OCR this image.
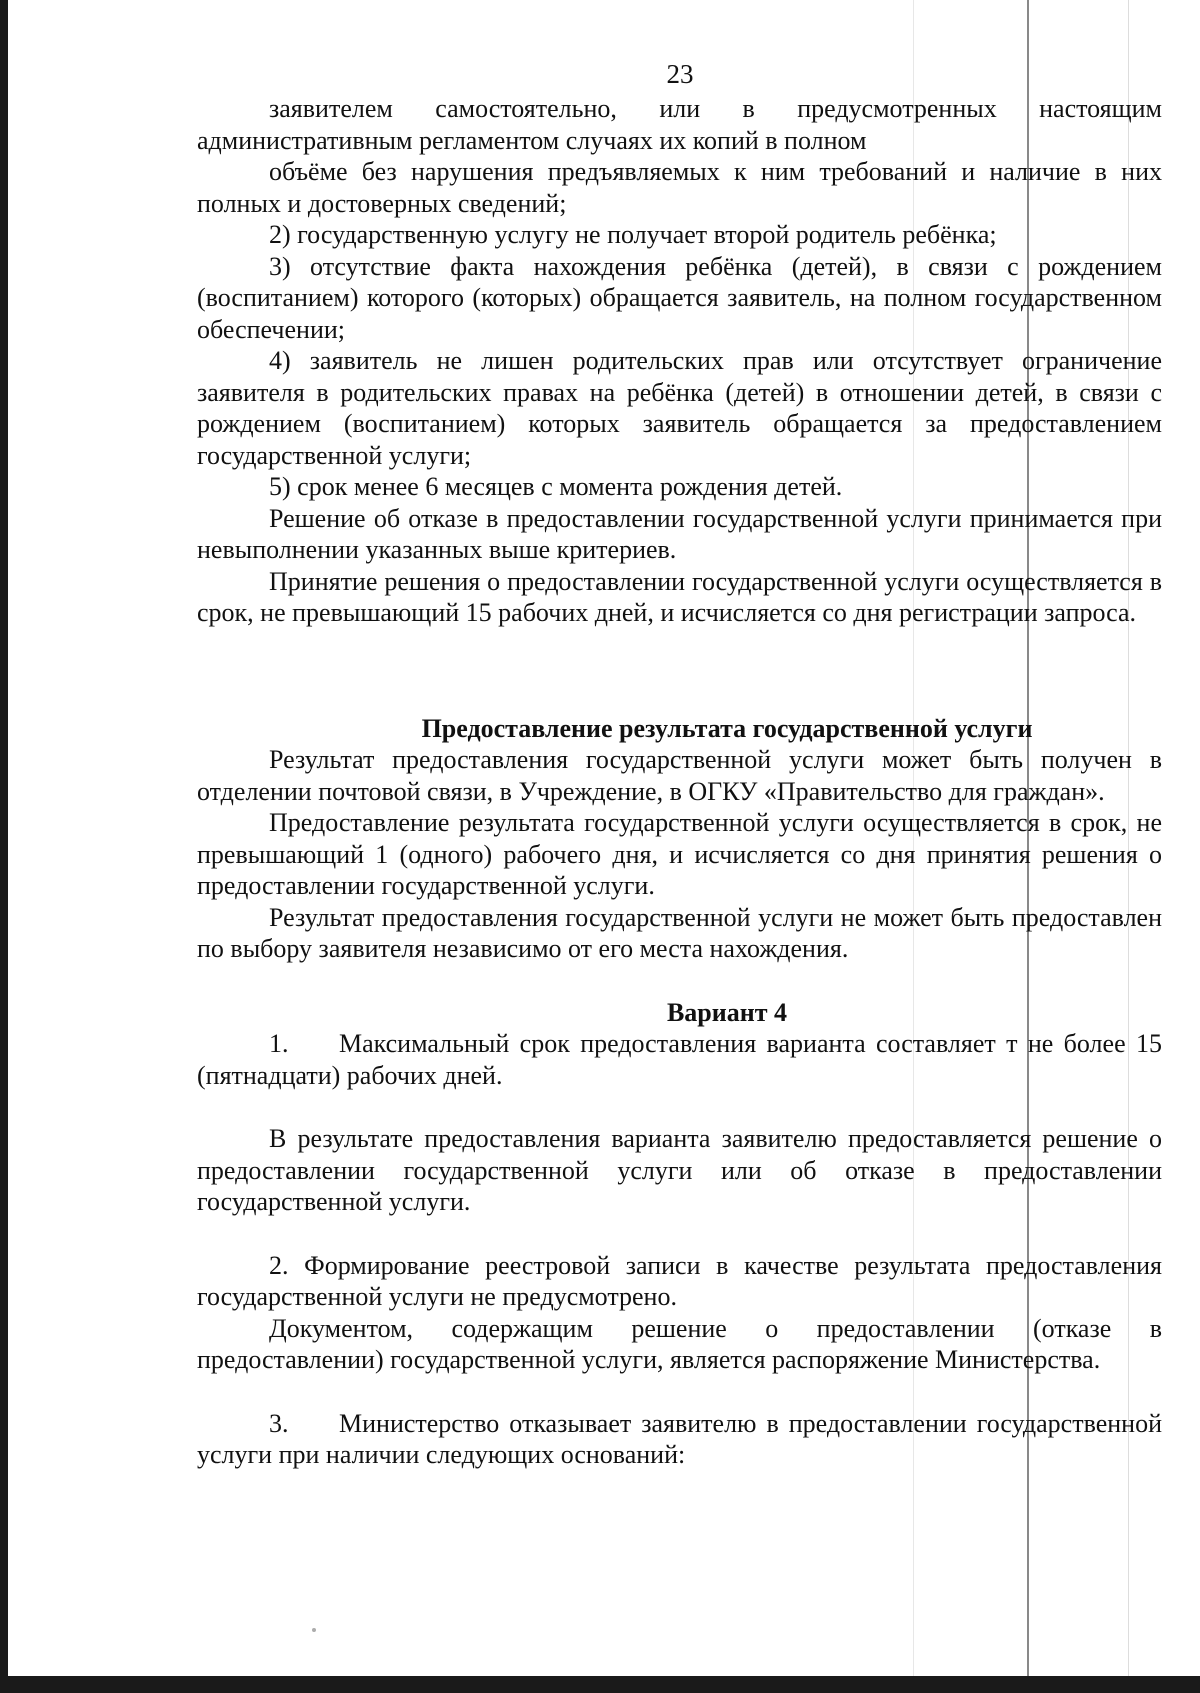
23

заявителем самостоятельно, или в предусмотренных настоящим административным регламентом случаях их копий в полном

объёме без нарушения предъявляемых к ним требований и наличие в них полных и достоверных сведений;

2) государственную услугу не получает второй родитель ребёнка;

3) отсутствие факта нахождения ребёнка (детей), в связи с рождением (воспитанием) которого (которых) обращается заявитель, на полном государственном обеспечении;

4) заявитель не лишен родительских прав или отсутствует ограничение заявителя в родительских правах на ребёнка (детей) в отношении детей, в связи с рождением (воспитанием) которых заявитель обращается за предоставлением государственной услуги;

5) срок менее 6 месяцев с момента рождения детей.

Решение об отказе в предоставлении государственной услуги принимается при невыполнении указанных выше критериев.

Принятие решения о предоставлении государственной услуги осуществляется в срок, не превышающий 15 рабочих дней, и исчисляется со дня регистрации запроса.

Предоставление результата государственной услуги

Результат предоставления государственной услуги может быть получен в отделении почтовой связи, в Учреждение, в ОГКУ «Правительство для граждан».

Предоставление результата государственной услуги осуществляется в срок, не превышающий 1 (одного) рабочего дня, и исчисляется со дня принятия решения о предоставлении государственной услуги.

Результат предоставления государственной услуги не может быть предоставлен по выбору заявителя независимо от его места нахождения.

Вариант 4

1. Максимальный срок предоставления варианта составляет т не более 15 (пятнадцати) рабочих дней.

В результате предоставления варианта заявителю предоставляется решение о предоставлении государственной услуги или об отказе в предоставлении государственной услуги.

2. Формирование реестровой записи в качестве результата предоставления государственной услуги не предусмотрено.

Документом, содержащим решение о предоставлении (отказе в предоставлении) государственной услуги, является распоряжение Министерства.

3. Министерство отказывает заявителю в предоставлении государственной услуги при наличии следующих оснований:
